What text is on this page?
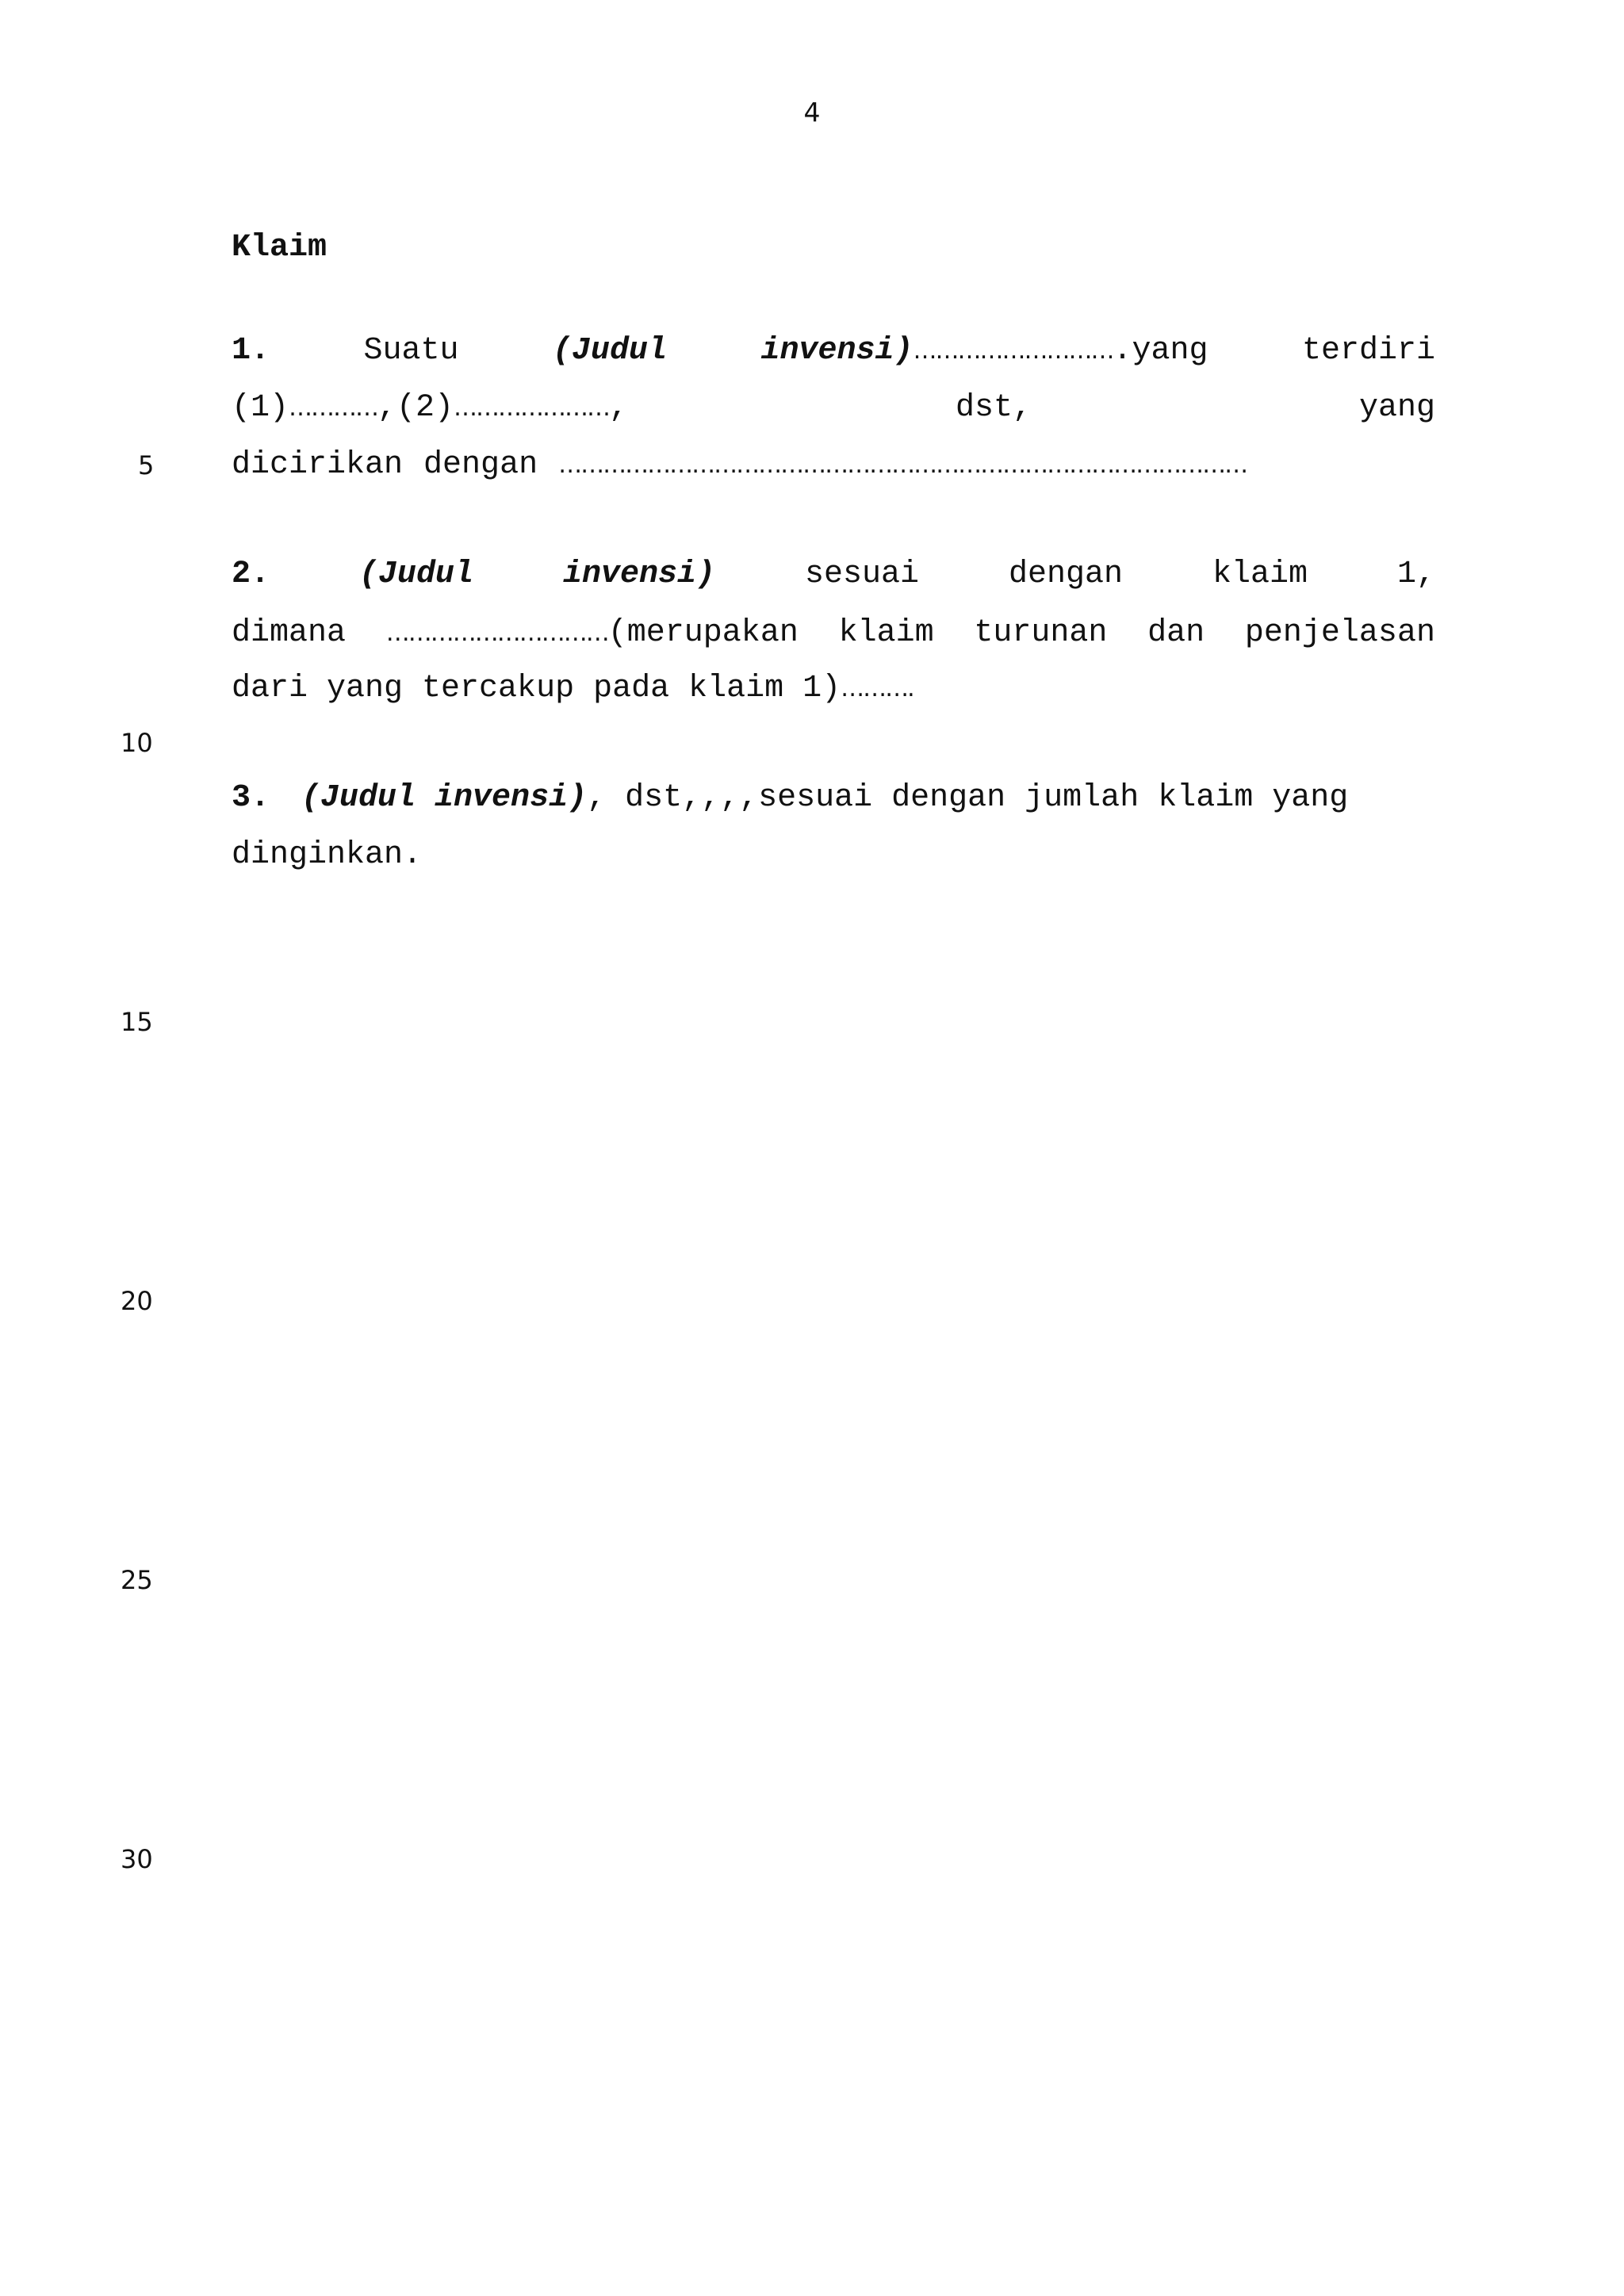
4
5
10
15
20
25
30
Klaim
1.	Suatu	(Judul	invensi)……………………….yang	terdiri
(1)…………,(2)…………………,	dst,	yang
dicirikan dengan …………………………………………………………………………………
2.	(Judul	invensi)	sesuai	dengan	klaim	1,
dimana …………………………(merupakan klaim turunan dan penjelasan
dari yang tercakup pada klaim 1)……….
3. (Judul invensi), dst,,,,sesuai dengan jumlah klaim yang
dinginkan.
